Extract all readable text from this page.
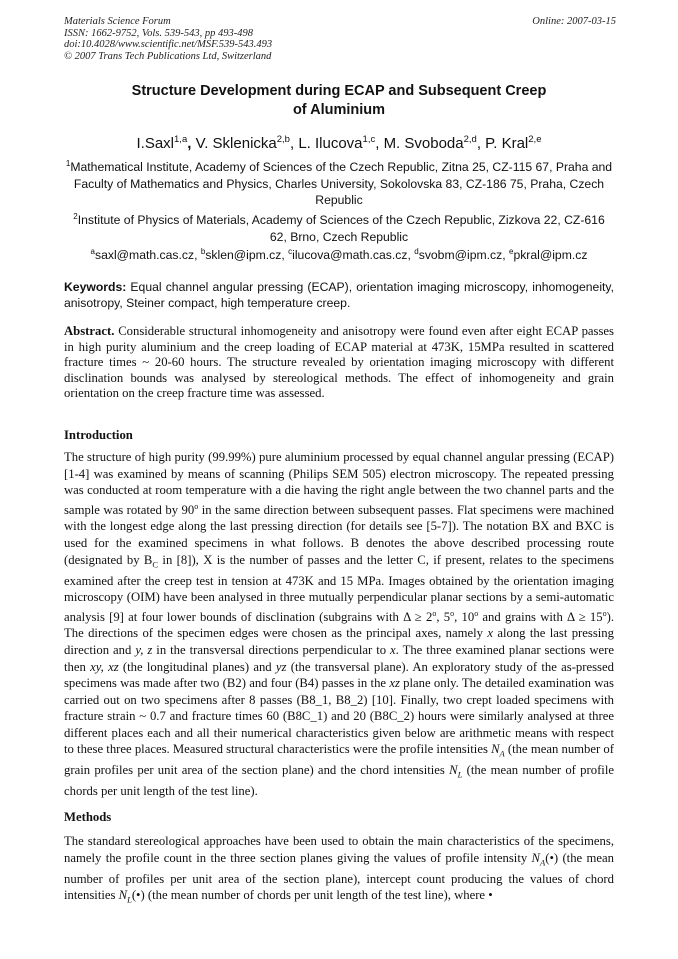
Materials Science Forum
ISSN: 1662-9752, Vols. 539-543, pp 493-498
doi:10.4028/www.scientific.net/MSF.539-543.493
© 2007 Trans Tech Publications Ltd, Switzerland
Online: 2007-03-15
Structure Development during ECAP and Subsequent Creep
of Aluminium
I.Saxl$^{1,a}$, V. Sklenicka$^{2,b}$, L. Ilucova$^{1,c}$, M. Svoboda$^{2,d}$, P. Kral$^{2,e}$
$^1$Mathematical Institute, Academy of Sciences of the Czech Republic, Zitna 25, CZ-115 67, Praha and Faculty of Mathematics and Physics, Charles University, Sokolovska 83, CZ-186 75, Praha, Czech Republic
$^2$Institute of Physics of Materials, Academy of Sciences of the Czech Republic, Zizkova 22, CZ-616 62, Brno, Czech Republic
$^a$saxl@math.cas.cz, $^b$sklen@ipm.cz, $^c$ilucova@math.cas.cz, $^d$svobm@ipm.cz, $^e$pkral@ipm.cz
Keywords: Equal channel angular pressing (ECAP), orientation imaging microscopy, inhomogeneity, anisotropy, Steiner compact, high temperature creep.
Abstract. Considerable structural inhomogeneity and anisotropy were found even after eight ECAP passes in high purity aluminium and the creep loading of ECAP material at 473K, 15MPa resulted in scattered fracture times ~ 20-60 hours. The structure revealed by orientation imaging microscopy with different disclination bounds was analysed by stereological methods. The effect of inhomogeneity and grain orientation on the creep fracture time was assessed.
Introduction
The structure of high purity (99.99%) pure aluminium processed by equal channel angular pressing (ECAP) [1-4] was examined by means of scanning (Philips SEM 505) electron microscopy. The repeated pressing was conducted at room temperature with a die having the right angle between the two channel parts and the sample was rotated by 90$^o$ in the same direction between subsequent passes. Flat specimens were machined with the longest edge along the last pressing direction (for details see [5-7]). The notation BX and BXC is used for the examined specimens in what follows. B denotes the above described processing route (designated by $B_C$ in [8]), X is the number of passes and the letter C, if present, relates to the specimens examined after the creep test in tension at 473K and 15 MPa. Images obtained by the orientation imaging microscopy (OIM) have been analysed in three mutually perpendicular planar sections by a semi-automatic analysis [9] at four lower bounds of disclination (subgrains with $\Delta \ge 2^o$, 5$^o$, 10$^o$ and grains with $\Delta \ge 15^o$). The directions of the specimen edges were chosen as the principal axes, namely x along the last pressing direction and y, z in the transversal directions perpendicular to x. The three examined planar sections were then xy, xz (the longitudinal planes) and yz (the transversal plane). An exploratory study of the as-pressed specimens was made after two (B2) and four (B4) passes in the xz plane only. The detailed examination was carried out on two specimens after 8 passes (B8_1, B8_2) [10]. Finally, two crept loaded specimens with fracture strain ~ 0.7 and fracture times 60 (B8C_1) and 20 (B8C_2) hours were similarly analysed at three different places each and all their numerical characteristics given below are arithmetic means with respect to these three places. Measured structural characteristics were the profile intensities $N_A$ (the mean number of grain profiles per unit area of the section plane) and the chord intensities $N_L$ (the mean number of profile chords per unit length of the test line).
Methods
The standard stereological approaches have been used to obtain the main characteristics of the specimens, namely the profile count in the three section planes giving the values of profile intensity $N_A(•)$ (the mean number of profiles per unit area of the section plane), intercept count producing the values of chord intensities $N_L(•)$ (the mean number of chords per unit length of the test line), where •
